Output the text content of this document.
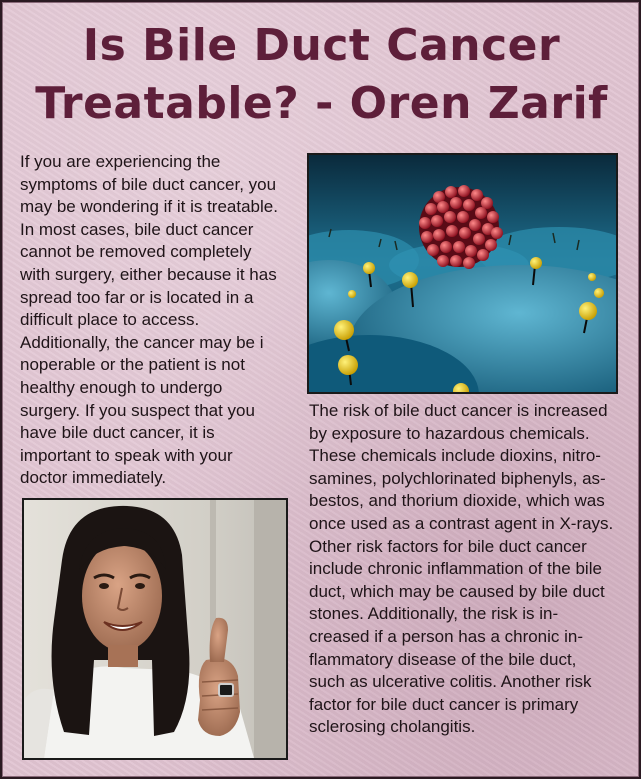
Is Bile Duct Cancer
Treatable? - Oren Zarif
If you are experiencing the
symptoms of bile duct cancer, you
may be wondering if it is treatable.
In most cases, bile duct cancer
cannot be removed completely
with surgery, either because it has
spread too far or is located in a
difficult place to access.
Additionally, the cancer may be i
noperable or the patient is not
healthy enough to undergo
surgery. If you suspect that you
have bile duct cancer, it is
important to speak with your
doctor immediately.
The risk of bile duct cancer is increased
by exposure to hazardous chemicals.
These chemicals include dioxins, nitro-
samines, polychlorinated biphenyls, as-
bestos, and thorium dioxide, which was
once used as a contrast agent in X-rays.
Other risk factors for bile duct cancer
include chronic inflammation of the bile
duct, which may be caused by bile duct
stones. Additionally, the risk is in-
creased if a person has a chronic in-
flammatory disease of the bile duct,
such as ulcerative colitis. Another risk
factor for bile duct cancer is primary
sclerosing cholangitis.
